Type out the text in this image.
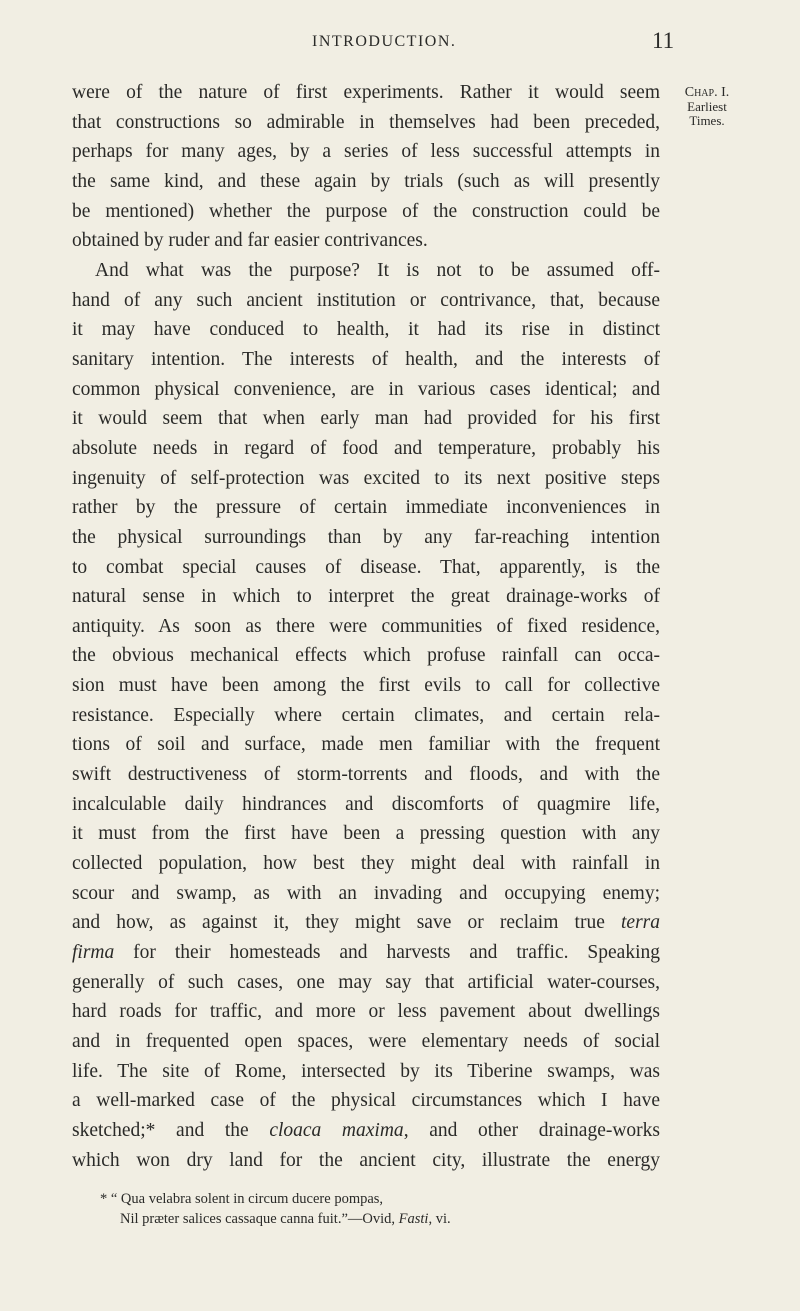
INTRODUCTION.	11
Chap. I.
Earliest
Times.
were of the nature of first experiments. Rather it would seem
that constructions so admirable in themselves had been preceded,
perhaps for many ages, by a series of less successful attempts in
the same kind, and these again by trials (such as will presently
be mentioned) whether the purpose of the construction could be
obtained by ruder and far easier contrivances.
And what was the purpose? It is not to be assumed off-
hand of any such ancient institution or contrivance, that, because
it may have conduced to health, it had its rise in distinct
sanitary intention. The interests of health, and the interests of
common physical convenience, are in various cases identical; and
it would seem that when early man had provided for his first
absolute needs in regard of food and temperature, probably his
ingenuity of self-protection was excited to its next positive steps
rather by the pressure of certain immediate inconveniences in
the physical surroundings than by any far-reaching intention
to combat special causes of disease. That, apparently, is the
natural sense in which to interpret the great drainage-works of
antiquity. As soon as there were communities of fixed residence,
the obvious mechanical effects which profuse rainfall can occa-
sion must have been among the first evils to call for collective
resistance. Especially where certain climates, and certain rela-
tions of soil and surface, made men familiar with the frequent
swift destructiveness of storm-torrents and floods, and with the
incalculable daily hindrances and discomforts of quagmire life,
it must from the first have been a pressing question with any
collected population, how best they might deal with rainfall in
scour and swamp, as with an invading and occupying enemy;
and how, as against it, they might save or reclaim true terra
firma for their homesteads and harvests and traffic. Speaking
generally of such cases, one may say that artificial water-courses,
hard roads for traffic, and more or less pavement about dwellings
and in frequented open spaces, were elementary needs of social
life. The site of Rome, intersected by its Tiberine swamps, was
a well-marked case of the physical circumstances which I have
sketched;* and the cloaca maxima, and other drainage-works
which won dry land for the ancient city, illustrate the energy
* “ Qua velabra solent in circum ducere pompas,
Nil præter salices cassaque canna fuit.”—Ovid, Fasti, vi.
